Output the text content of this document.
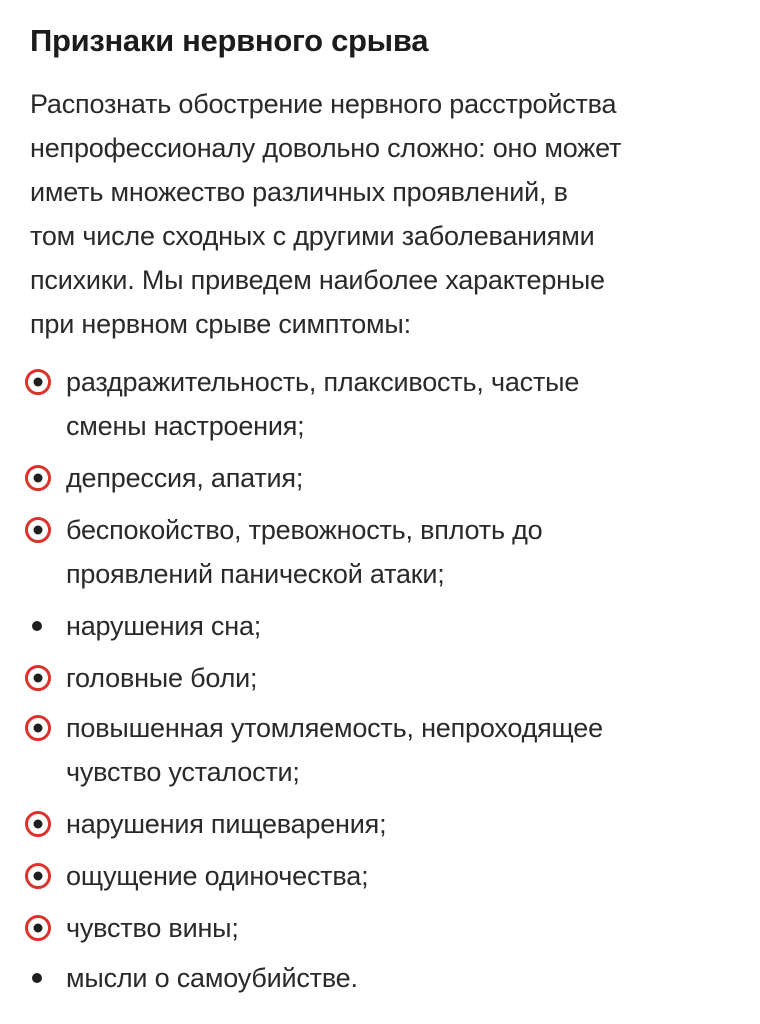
Признаки нервного срыва

Распознать обострение нервного расстройства
непрофессионалу довольно сложно: оно может
иметь множество различных проявлений, в
том числе сходных с другими заболеваниями
психики. Мы приведем наиболее характерные
при нервном срыве симптомы:

раздражительность, плаксивость, частые
смены настроения;
депрессия, апатия;
беспокойство, тревожность, вплоть до
проявлений панической атаки;
нарушения сна;
головные боли;
повышенная утомляемость, непроходящее
чувство усталости;
нарушения пищеварения;
ощущение одиночества;
чувство вины;
мысли о самоубийстве.
